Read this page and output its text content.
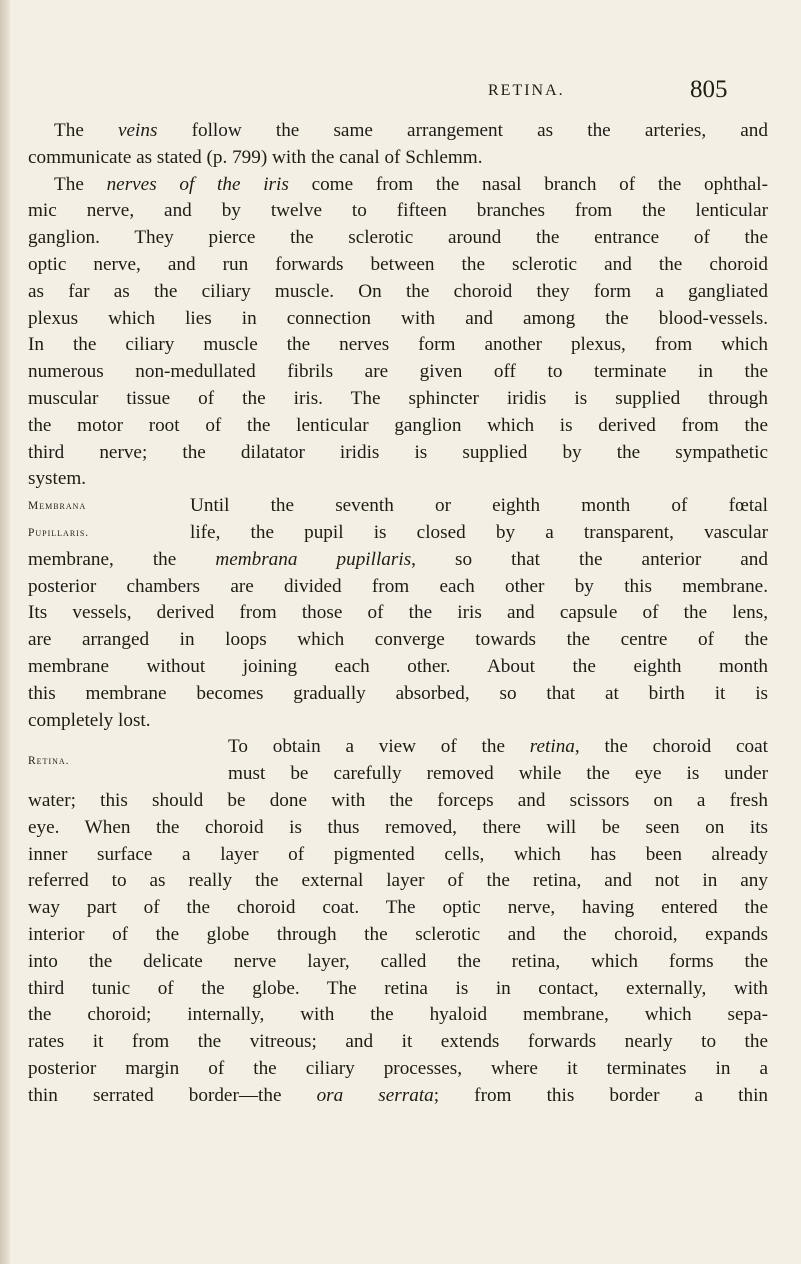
RETINA.	805
The veins follow the same arrangement as the arteries, and
communicate as stated (p. 799) with the canal of Schlemm.
The nerves of the iris come from the nasal branch of the ophthal-
mic nerve, and by twelve to fifteen branches from the lenticular
ganglion. They pierce the sclerotic around the entrance of the
optic nerve, and run forwards between the sclerotic and the choroid
as far as the ciliary muscle. On the choroid they form a gangliated
plexus which lies in connection with and among the blood-vessels.
In the ciliary muscle the nerves form another plexus, from which
numerous non-medullated fibrils are given off to terminate in the
muscular tissue of the iris. The sphincter iridis is supplied through
the motor root of the lenticular ganglion which is derived from the
third nerve; the dilatator iridis is supplied by the sympathetic
system.
Membrana
Pupillaris.
Until the seventh or eighth month of fœtal
life, the pupil is closed by a transparent, vascular
membrane, the membrana pupillaris, so that the anterior and
posterior chambers are divided from each other by this membrane.
Its vessels, derived from those of the iris and capsule of the lens,
are arranged in loops which converge towards the centre of the
membrane without joining each other. About the eighth month
this membrane becomes gradually absorbed, so that at birth it is
completely lost.
Retina.
To obtain a view of the retina, the choroid coat
must be carefully removed while the eye is under
water; this should be done with the forceps and scissors on a fresh
eye. When the choroid is thus removed, there will be seen on its
inner surface a layer of pigmented cells, which has been already
referred to as really the external layer of the retina, and not in any
way part of the choroid coat. The optic nerve, having entered the
interior of the globe through the sclerotic and the choroid, expands
into the delicate nerve layer, called the retina, which forms the
third tunic of the globe. The retina is in contact, externally, with
the choroid; internally, with the hyaloid membrane, which sepa-
rates it from the vitreous; and it extends forwards nearly to the
posterior margin of the ciliary processes, where it terminates in a
thin serrated border—the ora serrata; from this border a thin
